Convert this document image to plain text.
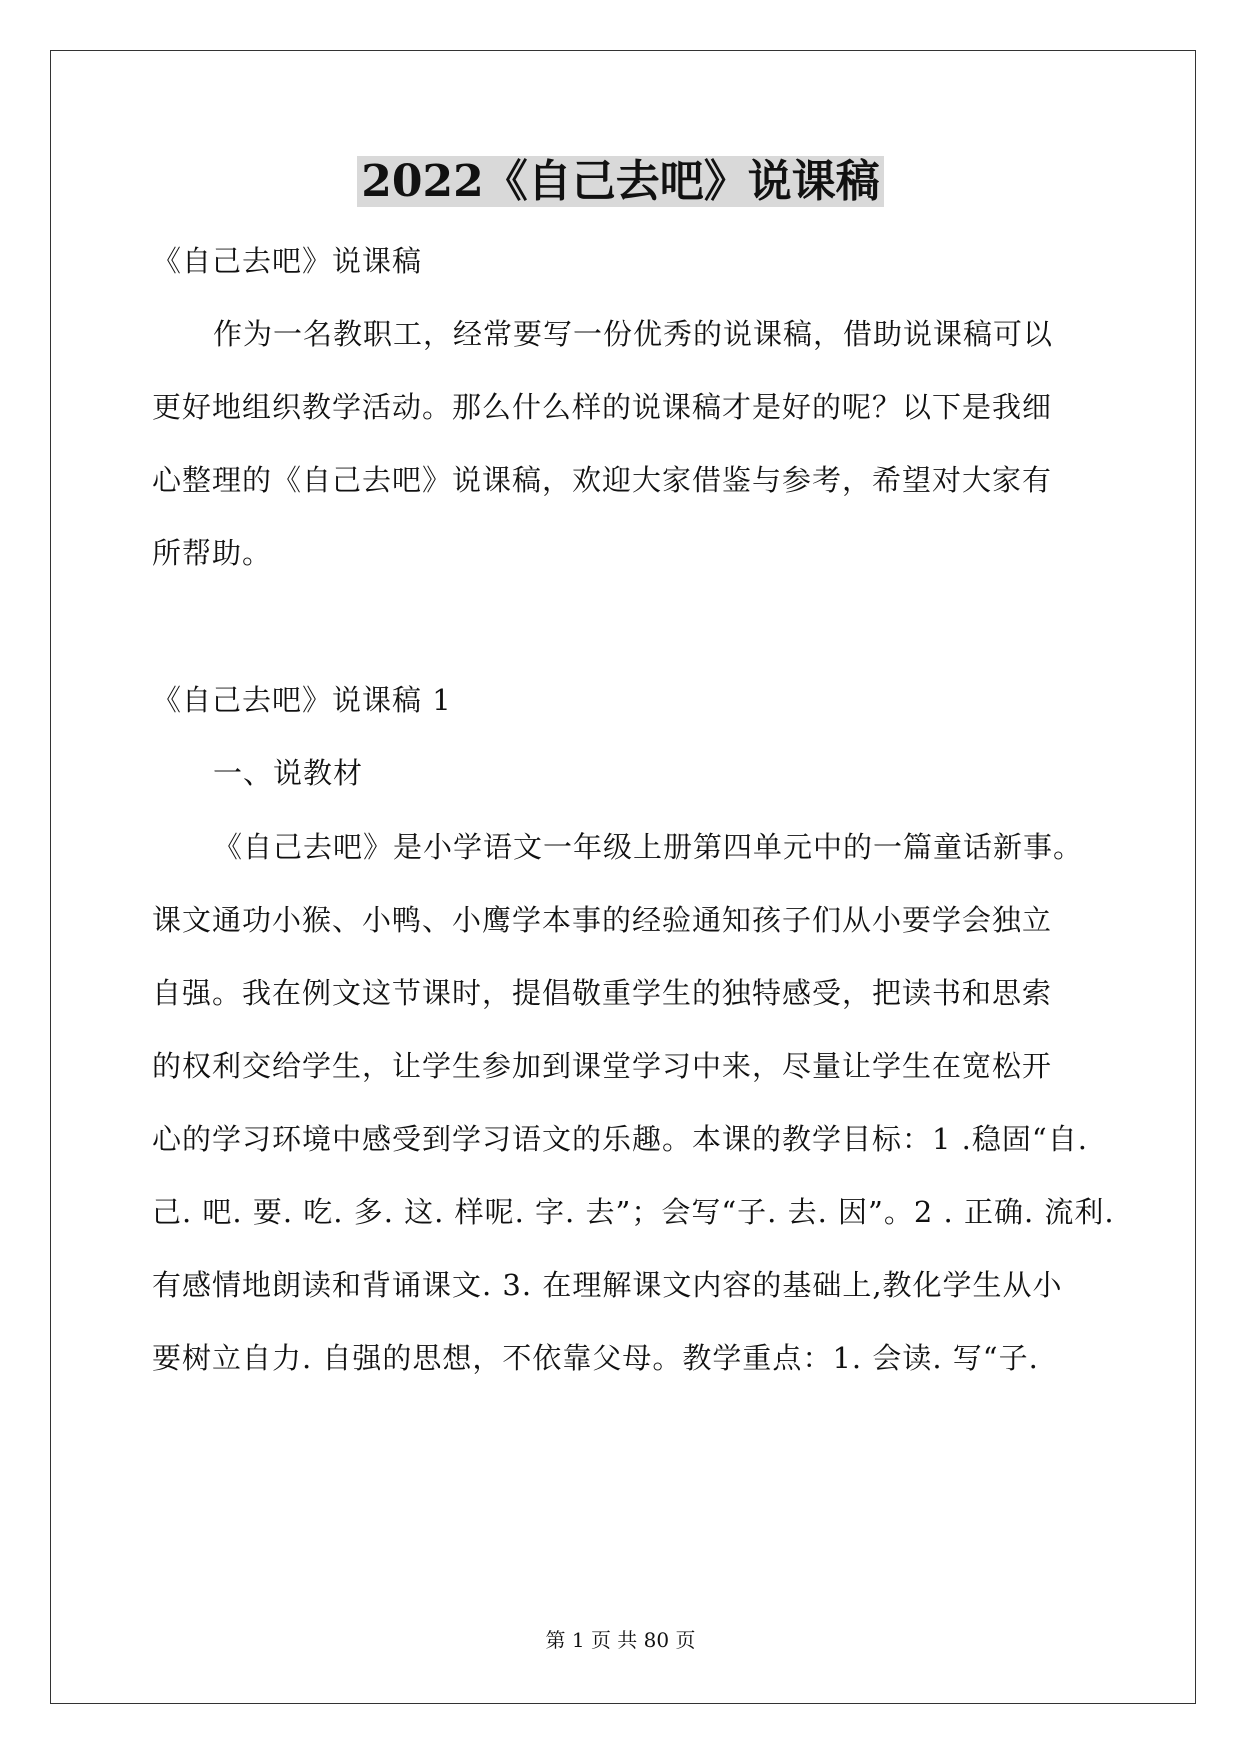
2022《自己去吧》说课稿
《自己去吧》说课稿
作为一名教职工，经常要写一份优秀的说课稿，借助说课稿可以
更好地组织教学活动。那么什么样的说课稿才是好的呢？以下是我细
心整理的《自己去吧》说课稿，欢迎大家借鉴与参考，希望对大家有
所帮助。
《自己去吧》说课稿 1
一、说教材
《自己去吧》是小学语文一年级上册第四单元中的一篇童话新事。
课文通功小猴、小鸭、小鹰学本事的经验通知孩子们从小要学会独立
自强。我在例文这节课时，提倡敬重学生的独特感受，把读书和思索
的权利交给学生，让学生参加到课堂学习中来，尽量让学生在宽松开
心的学习环境中感受到学习语文的乐趣。本课的教学目标：1 .稳固“自.
己. 吧. 要. 吃. 多. 这. 样呢. 字. 去”；会写“子. 去. 因”。2 . 正确. 流利.
有感情地朗读和背诵课文. 3. 在理解课文内容的基础上,教化学生从小
要树立自力. 自强的思想，不依靠父母。教学重点：1. 会读. 写“子.
第 1 页 共 80 页
